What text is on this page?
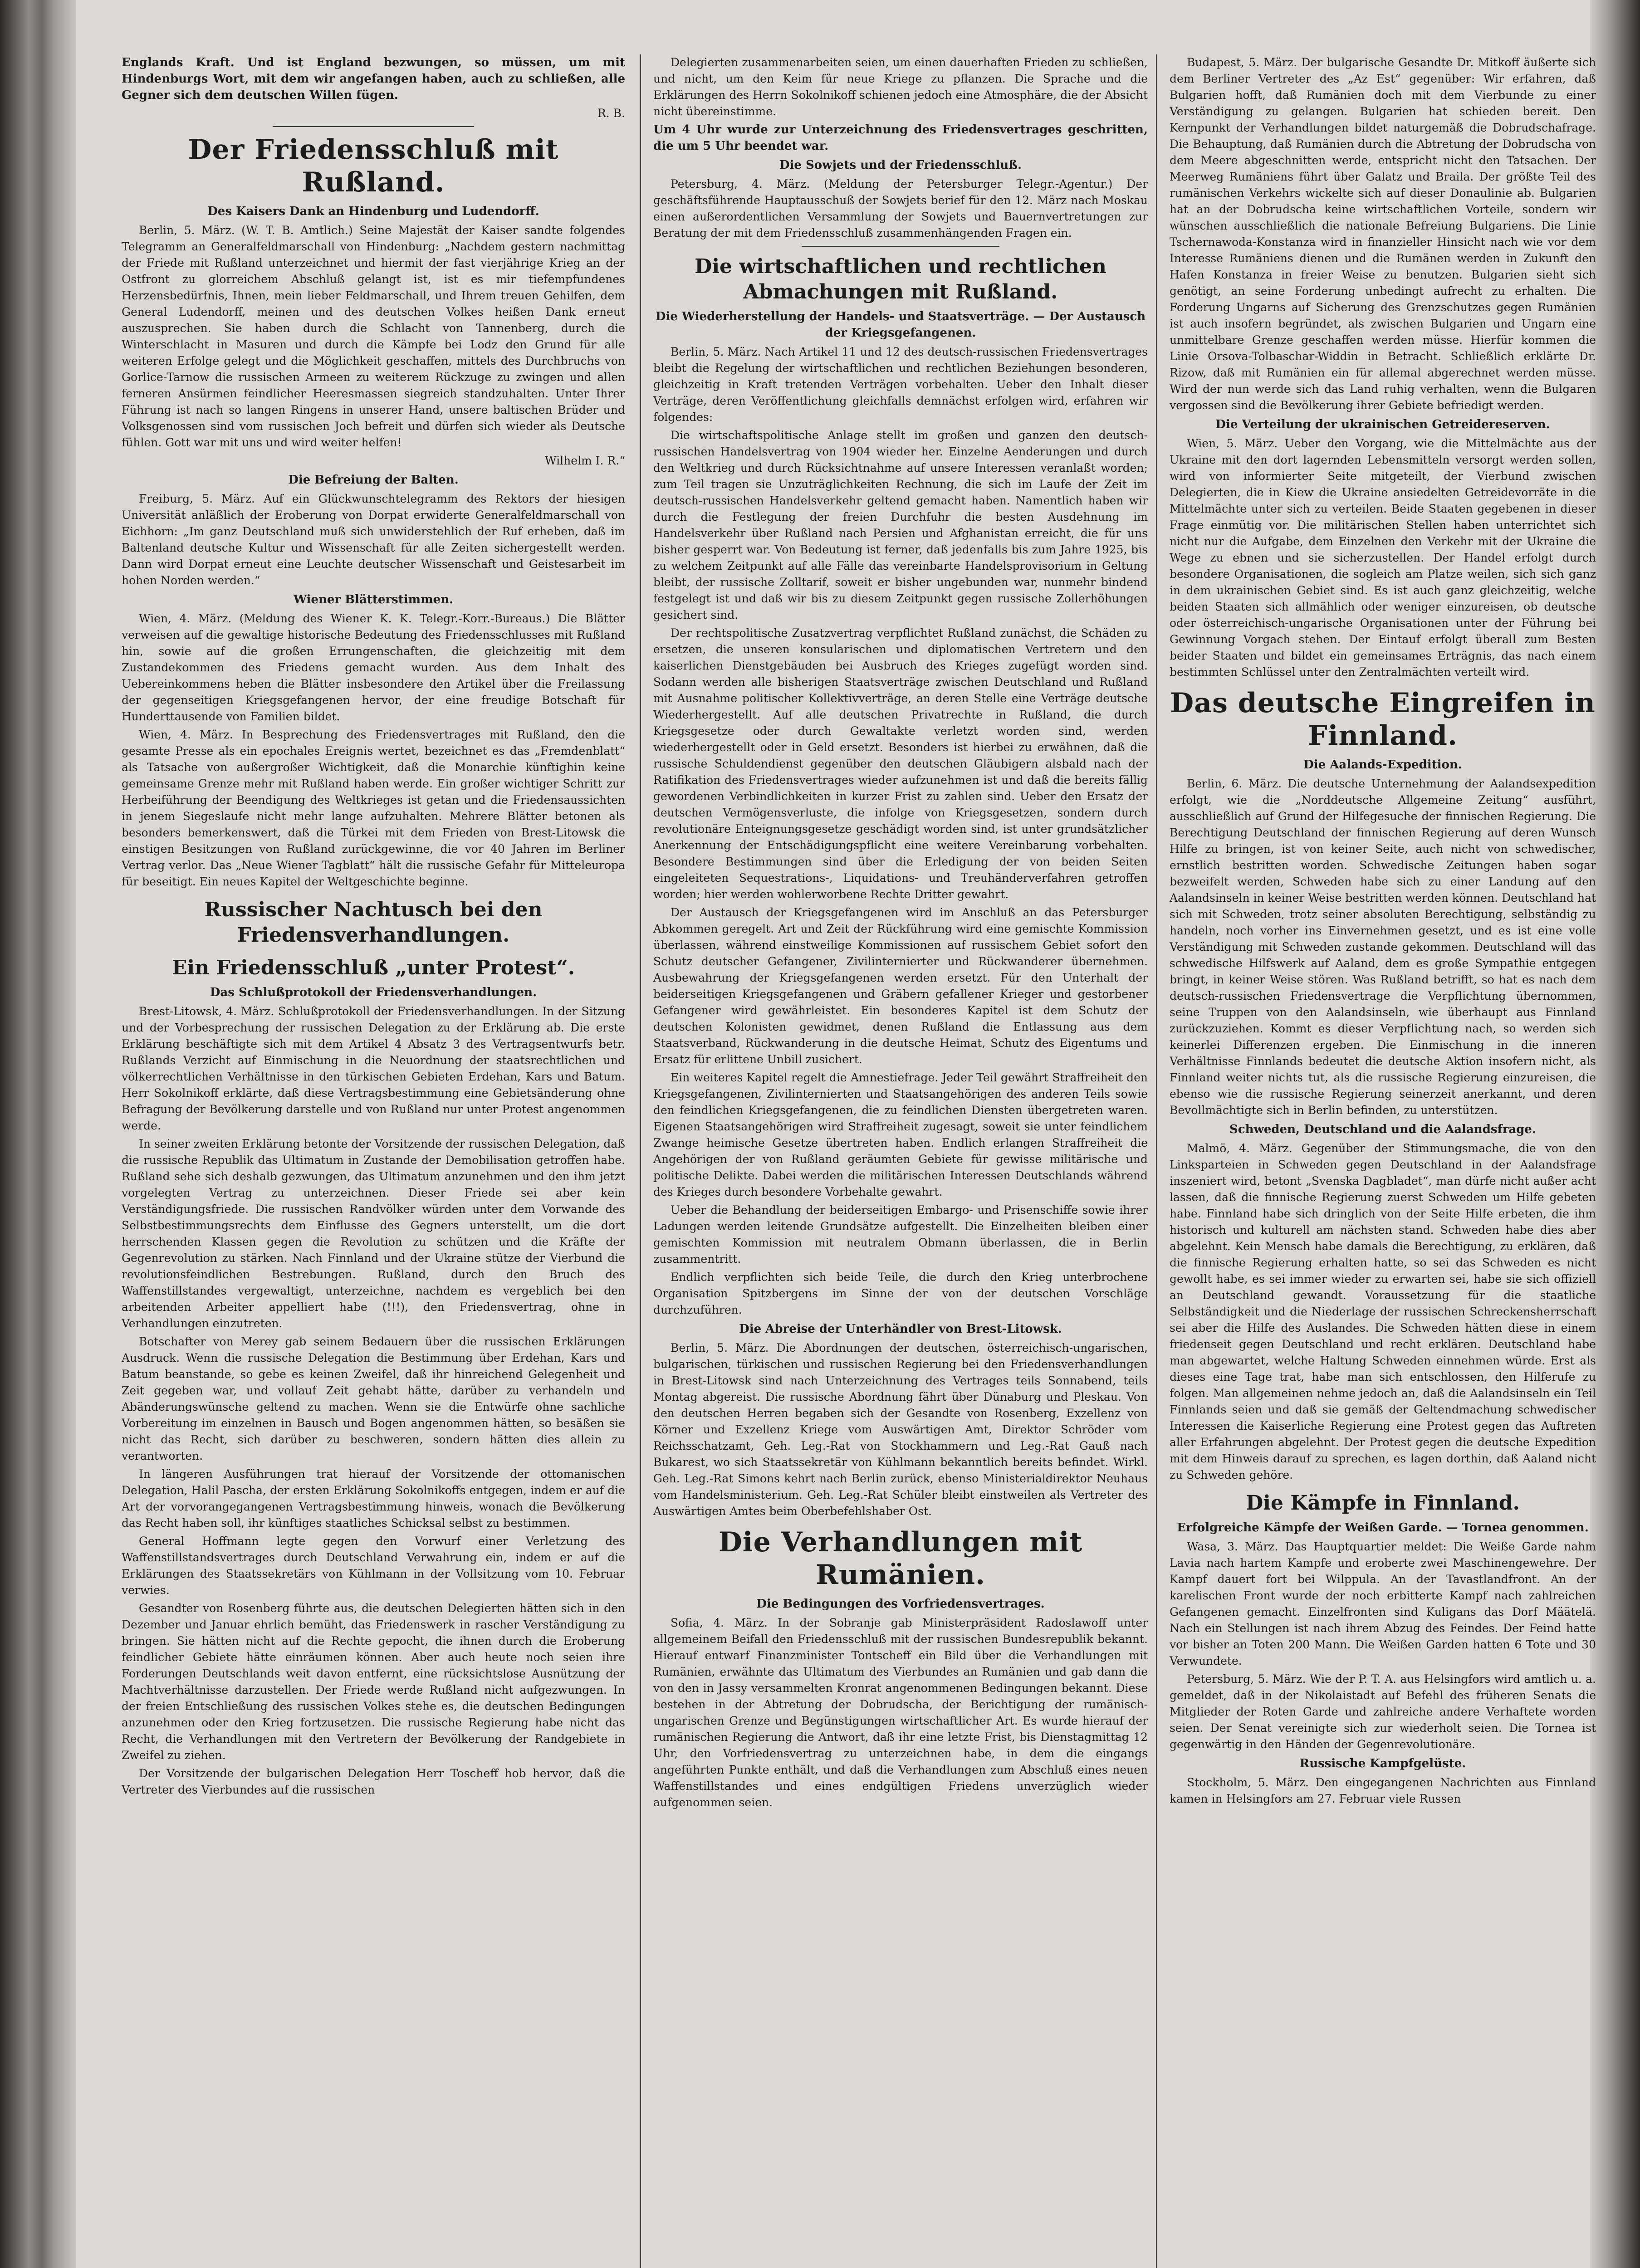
Englands Kraft. Und ist England bezwungen, so müssen, um mit Hindenburgs Wort, mit dem wir angefangen haben, auch zu schließen, alle Gegner sich dem deutschen Willen fügen.

R. B.

Der Friedensschluß mit Rußland.

Des Kaisers Dank an Hindenburg und Ludendorff.

Berlin, 5. März. (W. T. B. Amtlich.) Seine Majestät der Kaiser sandte folgendes Telegramm an Generalfeldmarschall von Hindenburg: „Nachdem gestern nachmittag der Friede mit Rußland unterzeichnet und hiermit der fast vierjährige Krieg an der Ostfront zu glorreichem Abschluß gelangt ist, ist es mir tiefempfundenes Herzensbedürfnis, Ihnen, mein lieber Feldmarschall, und Ihrem treuen Gehilfen, dem General Ludendorff, meinen und des deutschen Volkes heißen Dank erneut auszusprechen. Sie haben durch die Schlacht von Tannenberg, durch die Winterschlacht in Masuren und durch die Kämpfe bei Lodz den Grund für alle weiteren Erfolge gelegt und die Möglichkeit geschaffen, mittels des Durchbruchs von Gorlice-Tarnow die russischen Armeen zu weiterem Rückzuge zu zwingen und allen ferneren Ansürmen feindlicher Heeresmassen siegreich standzuhalten. Unter Ihrer Führung ist nach so langen Ringens in unserer Hand, unsere baltischen Brüder und Volksgenossen sind vom russischen Joch befreit und dürfen sich wieder als Deutsche fühlen. Gott war mit uns und wird weiter helfen!

Wilhelm I. R.“

Die Befreiung der Balten.

Freiburg, 5. März. Auf ein Glückwunschtelegramm des Rektors der hiesigen Universität anläßlich der Eroberung von Dorpat erwiderte Generalfeldmarschall von Eichhorn: „Im ganz Deutschland muß sich unwiderstehlich der Ruf erheben, daß im Baltenland deutsche Kultur und Wissenschaft für alle Zeiten sichergestellt werden. Dann wird Dorpat erneut eine Leuchte deutscher Wissenschaft und Geistesarbeit im hohen Norden werden.“

Wiener Blätterstimmen.

Wien, 4. März. (Meldung des Wiener K. K. Telegr.-Korr.-Bureaus.) Die Blätter verweisen auf die gewaltige historische Bedeutung des Friedensschlusses mit Rußland hin, sowie auf die großen Errungenschaften, die gleichzeitig mit dem Zustandekommen des Friedens gemacht wurden. Aus dem Inhalt des Uebereinkommens heben die Blätter insbesondere den Artikel über die Freilassung der gegenseitigen Kriegsgefangenen hervor, der eine freudige Botschaft für Hunderttausende von Familien bildet.

Wien, 4. März. In Besprechung des Friedensvertrages mit Rußland, den die gesamte Presse als ein epochales Ereignis wertet, bezeichnet es das „Fremdenblatt“ als Tatsache von außergroßer Wichtigkeit, daß die Monarchie künftighin keine gemeinsame Grenze mehr mit Rußland haben werde. Ein großer wichtiger Schritt zur Herbeiführung der Beendigung des Weltkrieges ist getan und die Friedensaussichten in jenem Siegeslaufe nicht mehr lange aufzuhalten. Mehrere Blätter betonen als besonders bemerkenswert, daß die Türkei mit dem Frieden von Brest-Litowsk die einstigen Besitzungen von Rußland zurückgewinne, die vor 40 Jahren im Berliner Vertrag verlor. Das „Neue Wiener Tagblatt“ hält die russische Gefahr für Mitteleuropa für beseitigt. Ein neues Kapitel der Weltgeschichte beginne.

Russischer Nachtusch bei den Friedensverhandlungen.
Ein Friedensschluß „unter Protest“.

Das Schlußprotokoll der Friedensverhandlungen.

Brest-Litowsk, 4. März. Schlußprotokoll der Friedensverhandlungen. In der Sitzung und der Vorbesprechung der russischen Delegation zu der Erklärung ab. Die erste Erklärung beschäftigte sich mit dem Artikel 4 Absatz 3 des Vertragsentwurfs betr. Rußlands Verzicht auf Einmischung in die Neuordnung der staatsrechtlichen und völkerrechtlichen Verhältnisse in den türkischen Gebieten Erdehan, Kars und Batum. Herr Sokolnikoff erklärte, daß diese Vertragsbestimmung eine Gebietsänderung ohne Befragung der Bevölkerung darstelle und von Rußland nur unter Protest angenommen werde.

In seiner zweiten Erklärung betonte der Vorsitzende der russischen Delegation, daß die russische Republik das Ultimatum in Zustande der Demobilisation getroffen habe. Rußland sehe sich deshalb gezwungen, das Ultimatum anzunehmen und den ihm jetzt vorgelegten Vertrag zu unterzeichnen. Dieser Friede sei aber kein Verständigungsfriede. Die russischen Randvölker würden unter dem Vorwande des Selbstbestimmungsrechts dem Einflusse des Gegners unterstellt, um die dort herrschenden Klassen gegen die Revolution zu schützen und die Kräfte der Gegenrevolution zu stärken. Nach Finnland und der Ukraine stütze der Vierbund die revolutionsfeindlichen Bestrebungen. Rußland, durch den Bruch des Waffenstillstandes vergewaltigt, unterzeichne, nachdem es vergeblich bei den arbeitenden Arbeiter appelliert habe (!!!), den Friedensvertrag, ohne in Verhandlungen einzutreten.

Botschafter von Merey gab seinem Bedauern über die russischen Erklärungen Ausdruck. Wenn die russische Delegation die Bestimmung über Erdehan, Kars und Batum beanstande, so gebe es keinen Zweifel, daß ihr hinreichend Gelegenheit und Zeit gegeben war, und vollauf Zeit gehabt hätte, darüber zu verhandeln und Abänderungswünsche geltend zu machen. Wenn sie die Entwürfe ohne sachliche Vorbereitung im einzelnen in Bausch und Bogen angenommen hätten, so besäßen sie nicht das Recht, sich darüber zu beschweren, sondern hätten dies allein zu verantworten.

In längeren Ausführungen trat hierauf der Vorsitzende der ottomanischen Delegation, Halil Pascha, der ersten Erklärung Sokolnikoffs entgegen, indem er auf die Art der vorvorangegangenen Vertragsbestimmung hinweis, wonach die Bevölkerung das Recht haben soll, ihr künftiges staatliches Schicksal selbst zu bestimmen.

General Hoffmann legte gegen den Vorwurf einer Verletzung des Waffenstillstandsvertrages durch Deutschland Verwahrung ein, indem er auf die Erklärungen des Staatssekretärs von Kühlmann in der Vollsitzung vom 10. Februar verwies.

Gesandter von Rosenberg führte aus, die deutschen Delegierten hätten sich in den Dezember und Januar ehrlich bemüht, das Friedenswerk in rascher Verständigung zu bringen. Sie hätten nicht auf die Rechte gepocht, die ihnen durch die Eroberung feindlicher Gebiete hätte einräumen können. Aber auch heute noch seien ihre Forderungen Deutschlands weit davon entfernt, eine rücksichtslose Ausnützung der Machtverhältnisse darzustellen. Der Friede werde Rußland nicht aufgezwungen. In der freien Entschließung des russischen Volkes stehe es, die deutschen Bedingungen anzunehmen oder den Krieg fortzusetzen. Die russische Regierung habe nicht das Recht, die Verhandlungen mit den Vertretern der Bevölkerung der Randgebiete in Zweifel zu ziehen.

Der Vorsitzende der bulgarischen Delegation Herr Toscheff hob hervor, daß die Vertreter des Vierbundes auf die russischen

Delegierten zusammenarbeiten seien, um einen dauerhaften Frieden zu schließen, und nicht, um den Keim für neue Kriege zu pflanzen. Die Sprache und die Erklärungen des Herrn Sokolnikoff schienen jedoch eine Atmosphäre, die der Absicht nicht übereinstimme.

Um 4 Uhr wurde zur Unterzeichnung des Friedensvertrages geschritten, die um 5 Uhr beendet war.

Die Sowjets und der Friedensschluß.

Petersburg, 4. März. (Meldung der Petersburger Telegr.-Agentur.) Der geschäftsführende Hauptausschuß der Sowjets berief für den 12. März nach Moskau einen außerordentlichen Versammlung der Sowjets und Bauernvertretungen zur Beratung der mit dem Friedensschluß zusammenhängenden Fragen ein.

Die wirtschaftlichen und rechtlichen Abmachungen mit Rußland.

Die Wiederherstellung der Handels- und Staatsverträge. — Der Austausch der Kriegsgefangenen.

Berlin, 5. März. Nach Artikel 11 und 12 des deutsch-russischen Friedensvertrages bleibt die Regelung der wirtschaftlichen und rechtlichen Beziehungen besonderen, gleichzeitig in Kraft tretenden Verträgen vorbehalten. Ueber den Inhalt dieser Verträge, deren Veröffentlichung gleichfalls demnächst erfolgen wird, erfahren wir folgendes:

Die wirtschaftspolitische Anlage stellt im großen und ganzen den deutsch-russischen Handelsvertrag von 1904 wieder her. Einzelne Aenderungen und durch den Weltkrieg und durch Rücksichtnahme auf unsere Interessen veranlaßt worden; zum Teil tragen sie Unzuträglichkeiten Rechnung, die sich im Laufe der Zeit im deutsch-russischen Handelsverkehr geltend gemacht haben. Namentlich haben wir durch die Festlegung der freien Durchfuhr die besten Ausdehnung im Handelsverkehr über Rußland nach Persien und Afghanistan erreicht, die für uns bisher gesperrt war. Von Bedeutung ist ferner, daß jedenfalls bis zum Jahre 1925, bis zu welchem Zeitpunkt auf alle Fälle das vereinbarte Handelsprovisorium in Geltung bleibt, der russische Zolltarif, soweit er bisher ungebunden war, nunmehr bindend festgelegt ist und daß wir bis zu diesem Zeitpunkt gegen russische Zollerhöhungen gesichert sind.

Der rechtspolitische Zusatzvertrag verpflichtet Rußland zunächst, die Schäden zu ersetzen, die unseren konsularischen und diplomatischen Vertretern und den kaiserlichen Dienstgebäuden bei Ausbruch des Krieges zugefügt worden sind. Sodann werden alle bisherigen Staatsverträge zwischen Deutschland und Rußland mit Ausnahme politischer Kollektivverträge, an deren Stelle eine Verträge deutsche Wiederhergestellt. Auf alle deutschen Privatrechte in Rußland, die durch Kriegsgesetze oder durch Gewaltakte verletzt worden sind, werden wiederhergestellt oder in Geld ersetzt. Besonders ist hierbei zu erwähnen, daß die russische Schuldendienst gegenüber den deutschen Gläubigern alsbald nach der Ratifikation des Friedensvertrages wieder aufzunehmen ist und daß die bereits fällig gewordenen Verbindlichkeiten in kurzer Frist zu zahlen sind. Ueber den Ersatz der deutschen Vermögensverluste, die infolge von Kriegsgesetzen, sondern durch revolutionäre Enteignungsgesetze geschädigt worden sind, ist unter grundsätzlicher Anerkennung der Entschädigungspflicht eine weitere Vereinbarung vorbehalten. Besondere Bestimmungen sind über die Erledigung der von beiden Seiten eingeleiteten Sequestrations-, Liquidations- und Treuhänderverfahren getroffen worden; hier werden wohlerworbene Rechte Dritter gewahrt.

Der Austausch der Kriegsgefangenen wird im Anschluß an das Petersburger Abkommen geregelt. Art und Zeit der Rückführung wird eine gemischte Kommission überlassen, während einstweilige Kommissionen auf russischem Gebiet sofort den Schutz deutscher Gefangener, Zivilinternierter und Rückwanderer übernehmen. Ausbewahrung der Kriegsgefangenen werden ersetzt. Für den Unterhalt der beiderseitigen Kriegsgefangenen und Gräbern gefallener Krieger und gestorbener Gefangener wird gewährleistet. Ein besonderes Kapitel ist dem Schutz der deutschen Kolonisten gewidmet, denen Rußland die Entlassung aus dem Staatsverband, Rückwanderung in die deutsche Heimat, Schutz des Eigentums und Ersatz für erlittene Unbill zusichert.

Ein weiteres Kapitel regelt die Amnestiefrage. Jeder Teil gewährt Straffreiheit den Kriegsgefangenen, Zivilinternierten und Staatsangehörigen des anderen Teils sowie den feindlichen Kriegsgefangenen, die zu feindlichen Diensten übergetreten waren. Eigenen Staatsangehörigen wird Straffreiheit zugesagt, soweit sie unter feindlichem Zwange heimische Gesetze übertreten haben. Endlich erlangen Straffreiheit die Angehörigen der von Rußland geräumten Gebiete für gewisse militärische und politische Delikte. Dabei werden die militärischen Interessen Deutschlands während des Krieges durch besondere Vorbehalte gewahrt.

Ueber die Behandlung der beiderseitigen Embargo- und Prisenschiffe sowie ihrer Ladungen werden leitende Grundsätze aufgestellt. Die Einzelheiten bleiben einer gemischten Kommission mit neutralem Obmann überlassen, die in Berlin zusammentritt.

Endlich verpflichten sich beide Teile, die durch den Krieg unterbrochene Organisation Spitzbergens im Sinne der von der deutschen Vorschläge durchzuführen.

Die Abreise der Unterhändler von Brest-Litowsk.

Berlin, 5. März. Die Abordnungen der deutschen, österreichisch-ungarischen, bulgarischen, türkischen und russischen Regierung bei den Friedensverhandlungen in Brest-Litowsk sind nach Unterzeichnung des Vertrages teils Sonnabend, teils Montag abgereist. Die russische Abordnung fährt über Dünaburg und Pleskau. Von den deutschen Herren begaben sich der Gesandte von Rosenberg, Exzellenz von Körner und Exzellenz Kriege vom Auswärtigen Amt, Direktor Schröder vom Reichsschatzamt, Geh. Leg.-Rat von Stockhammern und Leg.-Rat Gauß nach Bukarest, wo sich Staatssekretär von Kühlmann bekanntlich bereits befindet. Wirkl. Geh. Leg.-Rat Simons kehrt nach Berlin zurück, ebenso Ministerialdirektor Neuhaus vom Handelsministerium. Geh. Leg.-Rat Schüler bleibt einstweilen als Vertreter des Auswärtigen Amtes beim Oberbefehlshaber Ost.

Die Verhandlungen mit Rumänien.

Die Bedingungen des Vorfriedensvertrages.

Sofia, 4. März. In der Sobranje gab Ministerpräsident Radoslawoff unter allgemeinem Beifall den Friedensschluß mit der russischen Bundesrepublik bekannt. Hierauf entwarf Finanzminister Tontscheff ein Bild über die Verhandlungen mit Rumänien, erwähnte das Ultimatum des Vierbundes an Rumänien und gab dann die von den in Jassy versammelten Kronrat angenommenen Bedingungen bekannt. Diese bestehen in der Abtretung der Dobrudscha, der Berichtigung der rumänisch-ungarischen Grenze und Begünstigungen wirtschaftlicher Art. Es wurde hierauf der rumänischen Regierung die Antwort, daß ihr eine letzte Frist, bis Dienstagmittag 12 Uhr, den Vorfriedensvertrag zu unterzeichnen habe, in dem die eingangs angeführten Punkte enthält, und daß die Verhandlungen zum Abschluß eines neuen Waffenstillstandes und eines endgültigen Friedens unverzüglich wieder aufgenommen seien.

Budapest, 5. März. Der bulgarische Gesandte Dr. Mitkoff äußerte sich dem Berliner Vertreter des „Az Est“ gegenüber: Wir erfahren, daß Bulgarien hofft, daß Rumänien doch mit dem Vierbunde zu einer Verständigung zu gelangen. Bulgarien hat schieden bereit. Den Kernpunkt der Verhandlungen bildet naturgemäß die Dobrudschafrage. Die Behauptung, daß Rumänien durch die Abtretung der Dobrudscha von dem Meere abgeschnitten werde, entspricht nicht den Tatsachen. Der Meerweg Rumäniens führt über Galatz und Braila. Der größte Teil des rumänischen Verkehrs wickelte sich auf dieser Donaulinie ab. Bulgarien hat an der Dobrudscha keine wirtschaftlichen Vorteile, sondern wir wünschen ausschließlich die nationale Befreiung Bulgariens. Die Linie Tschernawoda-Konstanza wird in finanzieller Hinsicht nach wie vor dem Interesse Rumäniens dienen und die Rumänen werden in Zukunft den Hafen Konstanza in freier Weise zu benutzen. Bulgarien sieht sich genötigt, an seine Forderung unbedingt aufrecht zu erhalten. Die Forderung Ungarns auf Sicherung des Grenzschutzes gegen Rumänien ist auch insofern begründet, als zwischen Bulgarien und Ungarn eine unmittelbare Grenze geschaffen werden müsse. Hierfür kommen die Linie Orsova-Tolbaschar-Widdin in Betracht. Schließlich erklärte Dr. Rizow, daß mit Rumänien ein für allemal abgerechnet werden müsse. Wird der nun werde sich das Land ruhig verhalten, wenn die Bulgaren vergossen sind die Bevölkerung ihrer Gebiete befriedigt werden.

Die Verteilung der ukrainischen Getreidereserven.

Wien, 5. März. Ueber den Vorgang, wie die Mittelmächte aus der Ukraine mit den dort lagernden Lebensmitteln versorgt werden sollen, wird von informierter Seite mitgeteilt, der Vierbund zwischen Delegierten, die in Kiew die Ukraine ansiedelten Getreidevorräte in die Mittelmächte unter sich zu verteilen. Beide Staaten gegebenen in dieser Frage einmütig vor. Die militärischen Stellen haben unterrichtet sich nicht nur die Aufgabe, dem Einzelnen den Verkehr mit der Ukraine die Wege zu ebnen und sie sicherzustellen. Der Handel erfolgt durch besondere Organisationen, die sogleich am Platze weilen, sich sich ganz in dem ukrainischen Gebiet sind. Es ist auch ganz gleichzeitig, welche beiden Staaten sich allmählich oder weniger einzureisen, ob deutsche oder österreichisch-ungarische Organisationen unter der Führung bei Gewinnung Vorgach stehen. Der Eintauf erfolgt überall zum Besten beider Staaten und bildet ein gemeinsames Erträgnis, das nach einem bestimmten Schlüssel unter den Zentralmächten verteilt wird.

Das deutsche Eingreifen in Finnland.

Die Aalands-Expedition.

Berlin, 6. März. Die deutsche Unternehmung der Aalandsexpedition erfolgt, wie die „Norddeutsche Allgemeine Zeitung“ ausführt, ausschließlich auf Grund der Hilfegesuche der finnischen Regierung. Die Berechtigung Deutschland der finnischen Regierung auf deren Wunsch Hilfe zu bringen, ist von keiner Seite, auch nicht von schwedischer, ernstlich bestritten worden. Schwedische Zeitungen haben sogar bezweifelt werden, Schweden habe sich zu einer Landung auf den Aalandsinseln in keiner Weise bestritten werden können. Deutschland hat sich mit Schweden, trotz seiner absoluten Berechtigung, selbständig zu handeln, noch vorher ins Einvernehmen gesetzt, und es ist eine volle Verständigung mit Schweden zustande gekommen. Deutschland will das schwedische Hilfswerk auf Aaland, dem es große Sympathie entgegen bringt, in keiner Weise stören. Was Rußland betrifft, so hat es nach dem deutsch-russischen Friedensvertrage die Verpflichtung übernommen, seine Truppen von den Aalandsinseln, wie überhaupt aus Finnland zurückzuziehen. Kommt es dieser Verpflichtung nach, so werden sich keinerlei Differenzen ergeben. Die Einmischung in die inneren Verhältnisse Finnlands bedeutet die deutsche Aktion insofern nicht, als Finnland weiter nichts tut, als die russische Regierung einzureisen, die ebenso wie die russische Regierung seinerzeit anerkannt, und deren Bevollmächtigte sich in Berlin befinden, zu unterstützen.

Schweden, Deutschland und die Aalandsfrage.

Malmö, 4. März. Gegenüber der Stimmungsmache, die von den Linksparteien in Schweden gegen Deutschland in der Aalandsfrage inszeniert wird, betont „Svenska Dagbladet“, man dürfe nicht außer acht lassen, daß die finnische Regierung zuerst Schweden um Hilfe gebeten habe. Finnland habe sich dringlich von der Seite Hilfe erbeten, die ihm historisch und kulturell am nächsten stand. Schweden habe dies aber abgelehnt. Kein Mensch habe damals die Berechtigung, zu erklären, daß die finnische Regierung erhalten hatte, so sei das Schweden es nicht gewollt habe, es sei immer wieder zu erwarten sei, habe sie sich offiziell an Deutschland gewandt. Voraussetzung für die staatliche Selbständigkeit und die Niederlage der russischen Schreckensherrschaft sei aber die Hilfe des Auslandes. Die Schweden hätten diese in einem friedenseit gegen Deutschland und recht erklären. Deutschland habe man abgewartet, welche Haltung Schweden einnehmen würde. Erst als dieses eine Tage trat, habe man sich entschlossen, den Hilferufe zu folgen. Man allgemeinen nehme jedoch an, daß die Aalandsinseln ein Teil Finnlands seien und daß sie gemäß der Geltendmachung schwedischer Interessen die Kaiserliche Regierung eine Protest gegen das Auftreten aller Erfahrungen abgelehnt. Der Protest gegen die deutsche Expedition mit dem Hinweis darauf zu sprechen, es lagen dorthin, daß Aaland nicht zu Schweden gehöre.

Die Kämpfe in Finnland.

Erfolgreiche Kämpfe der Weißen Garde. — Tornea genommen.

Wasa, 3. März. Das Hauptquartier meldet: Die Weiße Garde nahm Lavia nach hartem Kampfe und eroberte zwei Maschinengewehre. Der Kampf dauert fort bei Wilppula. An der Tavastlandfront. An der karelischen Front wurde der noch erbitterte Kampf nach zahlreichen Gefangenen gemacht. Einzelfronten sind Kuligans das Dorf Määtelä. Nach ein Stellungen ist nach ihrem Abzug des Feindes. Der Feind hatte vor bisher an Toten 200 Mann. Die Weißen Garden hatten 6 Tote und 30 Verwundete.

Petersburg, 5. März. Wie der P. T. A. aus Helsingfors wird amtlich u. a. gemeldet, daß in der Nikolaistadt auf Befehl des früheren Senats die Mitglieder der Roten Garde und zahlreiche andere Verhaftete worden seien. Der Senat vereinigte sich zur wiederholt seien. Die Tornea ist gegenwärtig in den Händen der Gegenrevolutionäre.

Russische Kampfgelüste.

Stockholm, 5. März. Den eingegangenen Nachrichten aus Finnland kamen in Helsingfors am 27. Februar viele Russen
